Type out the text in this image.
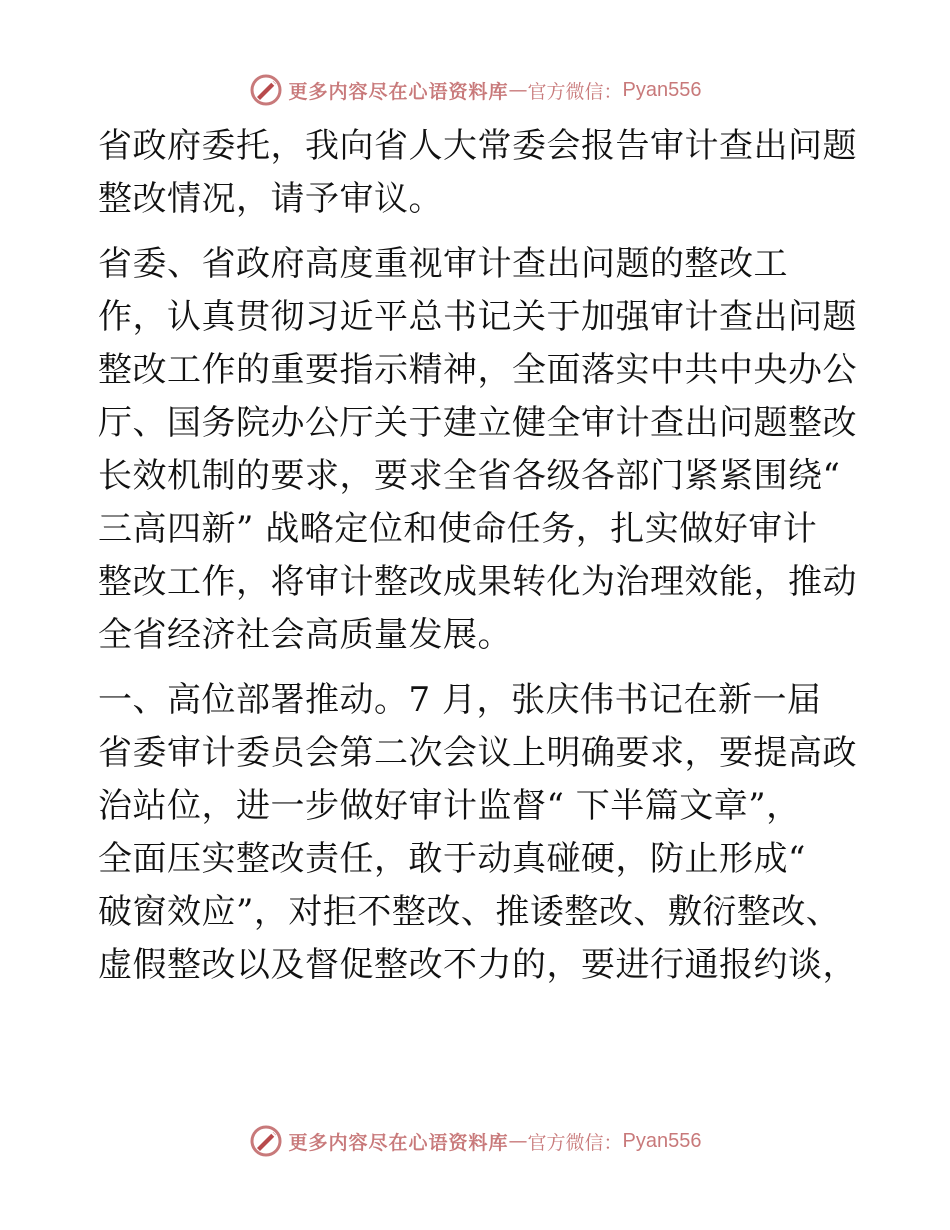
更多内容尽在心语资料库 — 官方微信： Pyan556
省政府委托，我向省人大常委会报告审计查出问题
整改情况，请予审议。
省委、省政府高度重视审计查出问题的整改工
作，认真贯彻习近平总书记关于加强审计查出问题
整改工作的重要指示精神，全面落实中共中央办公
厅、国务院办公厅关于建立健全审计查出问题整改
长效机制的要求，要求全省各级各部门紧紧围绕“
三高四新” 战略定位和使命任务，扎实做好审计
整改工作，将审计整改成果转化为治理效能，推动
全省经济社会高质量发展。
一、高位部署推动。7 月，张庆伟书记在新一届
省委审计委员会第二次会议上明确要求，要提高政
治站位，进一步做好审计监督“ 下半篇文章”，
全面压实整改责任，敢于动真碰硬，防止形成“
破窗效应”，对拒不整改、推诿整改、敷衍整改、
虚假整改以及督促整改不力的，要进行通报约谈，
更多内容尽在心语资料库 — 官方微信： Pyan556
